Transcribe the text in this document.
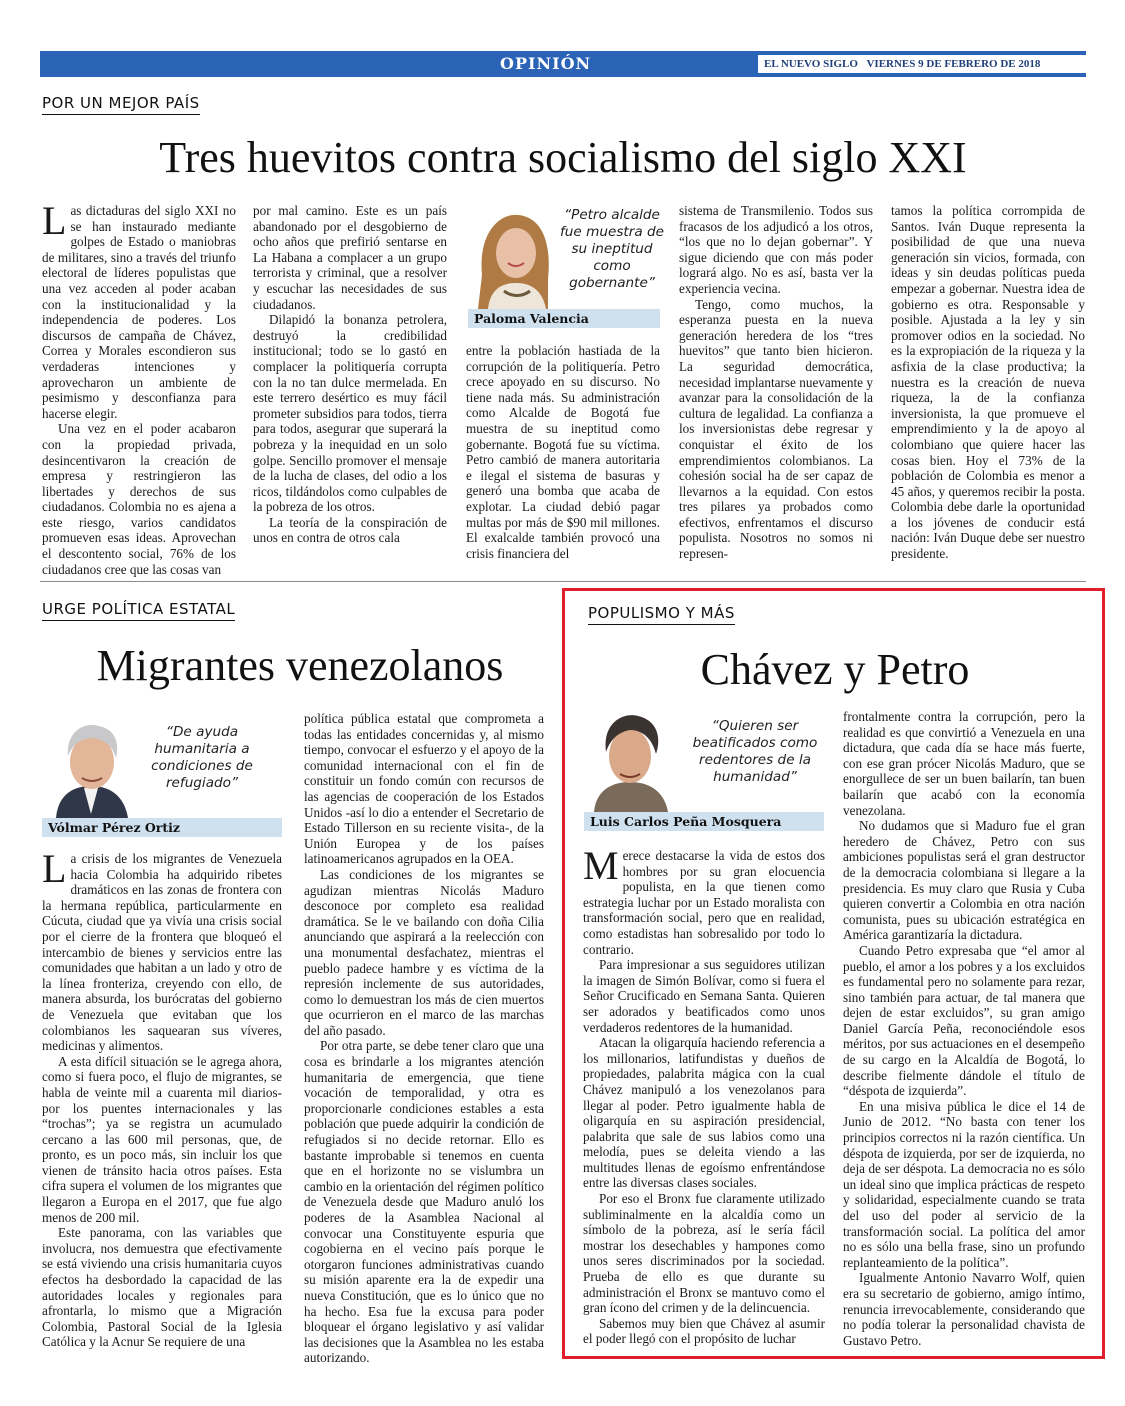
OPINIÓN	EL NUEVO SIGLO VIERNES 9 DE FEBRERO DE 2018 9A
POR UN MEJOR PAÍS
Tres huevitos contra socialismo del siglo XXI

Las dictaduras del siglo XXI no se han instaurado mediante golpes de Estado o maniobras de militares, sino a través del triunfo electoral de líderes populistas que una vez acceden al poder acaban con la institucionalidad y la independencia de poderes. Los discursos de campaña de Chávez, Correa y Morales escondieron sus verdaderas intenciones y aprovecharon un ambiente de pesimismo y desconfianza para hacerse elegir.

Una vez en el poder acabaron con la propiedad privada, desincentivaron la creación de empresa y restringieron las libertades y derechos de sus ciudadanos. Colombia no es ajena a este riesgo, varios candidatos promueven esas ideas. Aprovechan el descontento social, 76% de los ciudadanos cree que las cosas van

por mal camino. Este es un país abandonado por el desgobierno de ocho años que prefirió sentarse en La Habana a complacer a un grupo terrorista y criminal, que a resolver y escuchar las necesidades de sus ciudadanos.

Dilapidó la bonanza petrolera, destruyó la credibilidad institucional; todo se lo gastó en complacer la politiquería corrupta con la no tan dulce mermelada. En este terrero desértico es muy fácil prometer subsidios para todos, tierra para todos, asegurar que superará la pobreza y la inequidad en un solo golpe. Sencillo promover el mensaje de la lucha de clases, del odio a los ricos, tildándolos como culpables de la pobreza de los otros.

La teoría de la conspiración de unos en contra de otros cala

“Petro alcalde fue muestra de su ineptitud como gobernante”
Paloma Valencia

entre la población hastiada de la corrupción de la politiquería. Petro crece apoyado en su discurso. No tiene nada más. Su administración como Alcalde de Bogotá fue muestra de su ineptitud como gobernante. Bogotá fue su víctima. Petro cambió de manera autoritaria e ilegal el sistema de basuras y generó una bomba que acaba de explotar. La ciudad debió pagar multas por más de $90 mil millones. El exalcalde también provocó una crisis financiera del

sistema de Transmilenio. Todos sus fracasos de los adjudicó a los otros, “los que no lo dejan gobernar”. Y sigue diciendo que con más poder logrará algo. No es así, basta ver la experiencia vecina.

Tengo, como muchos, la esperanza puesta en la nueva generación heredera de los “tres huevitos” que tanto bien hicieron. La seguridad democrática, necesidad implantarse nuevamente y avanzar para la consolidación de la cultura de legalidad. La confianza a los inversionistas debe regresar y conquistar el éxito de los emprendimientos colombianos. La cohesión social ha de ser capaz de llevarnos a la equidad. Con estos tres pilares ya probados como efectivos, enfrentamos el discurso populista. Nosotros no somos ni represen-

tamos la política corrompida de Santos. Iván Duque representa la posibilidad de que una nueva generación sin vicios, formada, con ideas y sin deudas políticas pueda empezar a gobernar. Nuestra idea de gobierno es otra. Responsable y posible. Ajustada a la ley y sin promover odios en la sociedad. No es la expropiación de la riqueza y la asfixia de la clase productiva; la nuestra es la creación de nueva riqueza, la de la confianza inversionista, la que promueve el emprendimiento y la de apoyo al colombiano que quiere hacer las cosas bien. Hoy el 73% de la población de Colombia es menor a 45 años, y queremos recibir la posta. Colombia debe darle la oportunidad a los jóvenes de conducir está nación: Iván Duque debe ser nuestro presidente.

URGE POLÍTICA ESTATAL
Migrantes venezolanos
“De ayuda humanitaria a condiciones de refugiado”
Vólmar Pérez Ortiz

La crisis de los migrantes de Venezuela hacia Colombia ha adquirido ribetes dramáticos en las zonas de frontera con la hermana república, particularmente en Cúcuta, ciudad que ya vivía una crisis social por el cierre de la frontera que bloqueó el intercambio de bienes y servicios entre las comunidades que habitan a un lado y otro de la línea fronteriza, creyendo con ello, de manera absurda, los burócratas del gobierno de Venezuela que evitaban que los colombianos les saquearan sus víveres, medicinas y alimentos.

A esta difícil situación se le agrega ahora, como si fuera poco, el flujo de migrantes, se habla de veinte mil a cuarenta mil diarios- por los puentes internacionales y las “trochas”; ya se registra un acumulado cercano a las 600 mil personas, que, de pronto, es un poco más, sin incluir los que vienen de tránsito hacia otros países. Esta cifra supera el volumen de los migrantes que llegaron a Europa en el 2017, que fue algo menos de 200 mil.

Este panorama, con las variables que involucra, nos demuestra que efectivamente se está viviendo una crisis humanitaria cuyos efectos ha desbordado la capacidad de las autoridades locales y regionales para afrontarla, lo mismo que a Migración Colombia, Pastoral Social de la Iglesia Católica y la Acnur Se requiere de una

política pública estatal que comprometa a todas las entidades concernidas y, al mismo tiempo, convocar el esfuerzo y el apoyo de la comunidad internacional con el fin de constituir un fondo común con recursos de las agencias de cooperación de los Estados Unidos -así lo dio a entender el Secretario de Estado Tillerson en su reciente visita-, de la Unión Europea y de los países latinoamericanos agrupados en la OEA.

Las condiciones de los migrantes se agudizan mientras Nicolás Maduro desconoce por completo esa realidad dramática. Se le ve bailando con doña Cilia anunciando que aspirará a la reelección con una monumental desfachatez, mientras el pueblo padece hambre y es víctima de la represión inclemente de sus autoridades, como lo demuestran los más de cien muertos que ocurrieron en el marco de las marchas del año pasado.

Por otra parte, se debe tener claro que una cosa es brindarle a los migrantes atención humanitaria de emergencia, que tiene vocación de temporalidad, y otra es proporcionarle condiciones estables a esta población que puede adquirir la condición de refugiados si no decide retornar. Ello es bastante improbable si tenemos en cuenta que en el horizonte no se vislumbra un cambio en la orientación del régimen político de Venezuela desde que Maduro anuló los poderes de la Asamblea Nacional al convocar una Constituyente espuria que cogobierna en el vecino país porque le otorgaron funciones administrativas cuando su misión aparente era la de expedir una nueva Constitución, que es lo único que no ha hecho. Esa fue la excusa para poder bloquear el órgano legislativo y así validar las decisiones que la Asamblea no les estaba autorizando.

POPULISMO Y MÁS
Chávez y Petro
“Quieren ser beatificados como redentores de la humanidad”
Luis Carlos Peña Mosquera

Merece destacarse la vida de estos dos hombres por su gran elocuencia populista, en la que tienen como estrategia luchar por un Estado moralista con transformación social, pero que en realidad, como estadistas han sobresalido por todo lo contrario.

Para impresionar a sus seguidores utilizan la imagen de Simón Bolívar, como si fuera el Señor Crucificado en Semana Santa. Quieren ser adorados y beatificados como unos verdaderos redentores de la humanidad.

Atacan la oligarquía haciendo referencia a los millonarios, latifundistas y dueños de propiedades, palabrita mágica con la cual Chávez manipuló a los venezolanos para llegar al poder. Petro igualmente habla de oligarquía en su aspiración presidencial, palabrita que sale de sus labios como una melodía, pues se deleita viendo a las multitudes llenas de egoísmo enfrentándose entre las diversas clases sociales.

Por eso el Bronx fue claramente utilizado subliminalmente en la alcaldía como un símbolo de la pobreza, así le sería fácil mostrar los desechables y hampones como unos seres discriminados por la sociedad. Prueba de ello es que durante su administración el Bronx se mantuvo como el gran ícono del crimen y de la delincuencia.

Sabemos muy bien que Chávez al asumir el poder llegó con el propósito de luchar

frontalmente contra la corrupción, pero la realidad es que convirtió a Venezuela en una dictadura, que cada día se hace más fuerte, con ese gran prócer Nicolás Maduro, que se enorgullece de ser un buen bailarín, tan buen bailarín que acabó con la economía venezolana.

No dudamos que si Maduro fue el gran heredero de Chávez, Petro con sus ambiciones populistas será el gran destructor de la democracia colombiana si llegare a la presidencia. Es muy claro que Rusia y Cuba quieren convertir a Colombia en otra nación comunista, pues su ubicación estratégica en América garantizaría la dictadura.

Cuando Petro expresaba que “el amor al pueblo, el amor a los pobres y a los excluidos es fundamental pero no solamente para rezar, sino también para actuar, de tal manera que dejen de estar excluidos”, su gran amigo Daniel García Peña, reconociéndole esos méritos, por sus actuaciones en el desempeño de su cargo en la Alcaldía de Bogotá, lo describe fielmente dándole el título de “déspota de izquierda”.

En una misiva pública le dice el 14 de Junio de 2012. “No basta con tener los principios correctos ni la razón científica. Un déspota de izquierda, por ser de izquierda, no deja de ser déspota. La democracia no es sólo un ideal sino que implica prácticas de respeto y solidaridad, especialmente cuando se trata del uso del poder al servicio de la transformación social. La política del amor no es sólo una bella frase, sino un profundo replanteamiento de la política”.

Igualmente Antonio Navarro Wolf, quien era su secretario de gobierno, amigo íntimo, renuncia irrevocablemente, considerando que no podía tolerar la personalidad chavista de Gustavo Petro.
